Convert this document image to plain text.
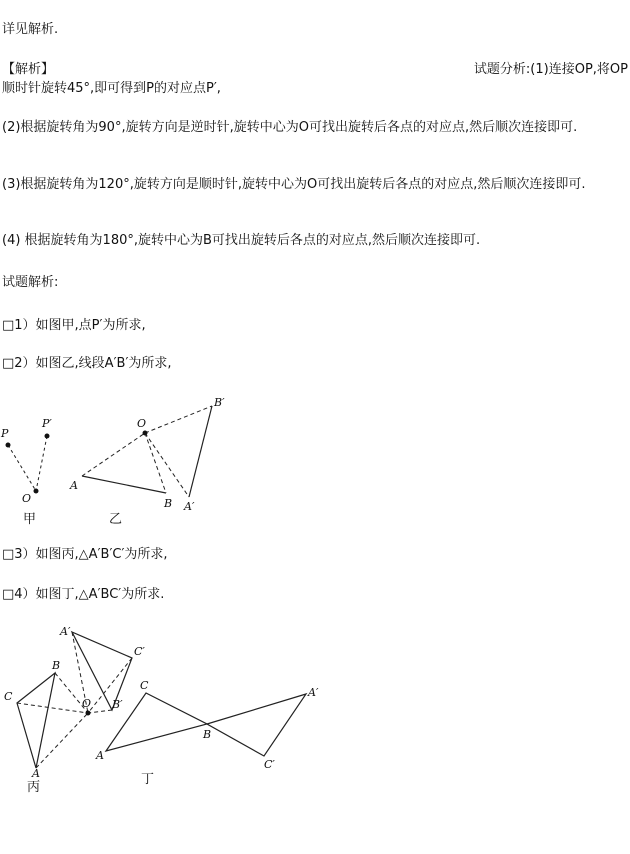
详见解析.
【解析】	试题分析:(1)连接OP,将OP
顺时针旋转45°,即可得到P的对应点P′,
(2)根据旋转角为90°,旋转方向是逆时针,旋转中心为O可找出旋转后各点的对应点,然后顺次连接即可.
(3)根据旋转角为120°,旋转方向是顺时针,旋转中心为O可找出旋转后各点的对应点,然后顺次连接即可.
(4) 根据旋转角为180°,旋转中心为B可找出旋转后各点的对应点,然后顺次连接即可.
试题解析:
□1）如图甲,点P′为所求,
□2）如图乙,线段A′B′为所求,
P
P′
O
甲
O
A
B A′
B′
乙
□3）如图丙,△A′B′C′为所求,
□4）如图丁,△A′BC′为所求.
C
B
A
O
A′
C′
B′
丙
A
C
B
A′
C′
丁
